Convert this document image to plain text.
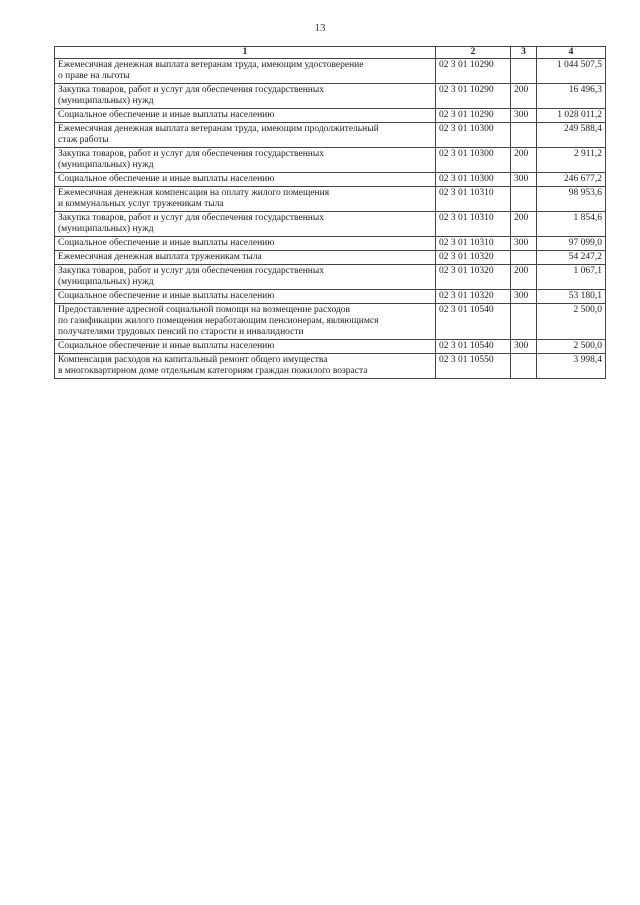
13
1	2	3	4

Ежемесячная денежная выплата ветеранам труда, имеющим удостоверение
о праве на льготы	02 3 01 10290		1 044 507,5

Закупка товаров, работ и услуг для обеспечения государственных
(муниципальных) нужд	02 3 01 10290	200	16 496,3

Социальное обеспечение и иные выплаты населению	02 3 01 10290	300	1 028 011,2

Ежемесячная денежная выплата ветеранам труда, имеющим продолжительный
стаж работы	02 3 01 10300		249 588,4

Закупка товаров, работ и услуг для обеспечения государственных
(муниципальных) нужд	02 3 01 10300	200	2 911,2

Социальное обеспечение и иные выплаты населению	02 3 01 10300	300	246 677,2

Ежемесячная денежная компенсация на оплату жилого помещения
и коммунальных услуг труженикам тыла	02 3 01 10310		98 953,6

Закупка товаров, работ и услуг для обеспечения государственных
(муниципальных) нужд	02 3 01 10310	200	1 854,6

Социальное обеспечение и иные выплаты населению	02 3 01 10310	300	97 099,0

Ежемесячная денежная выплата труженикам тыла	02 3 01 10320		54 247,2

Закупка товаров, работ и услуг для обеспечения государственных
(муниципальных) нужд	02 3 01 10320	200	1 067,1

Социальное обеспечение и иные выплаты населению	02 3 01 10320	300	53 180,1

Предоставление адресной социальной помощи на возмещение расходов
по газификации жилого помещения неработающим пенсионерам, являющимся
получателями трудовых пенсий по старости и инвалидности	02 3 01 10540		2 500,0

Социальное обеспечение и иные выплаты населению	02 3 01 10540	300	2 500,0

Компенсация расходов на капитальный ремонт общего имущества
в многоквартирном доме отдельным категориям граждан пожилого возраста	02 3 01 10550		3 998,4
